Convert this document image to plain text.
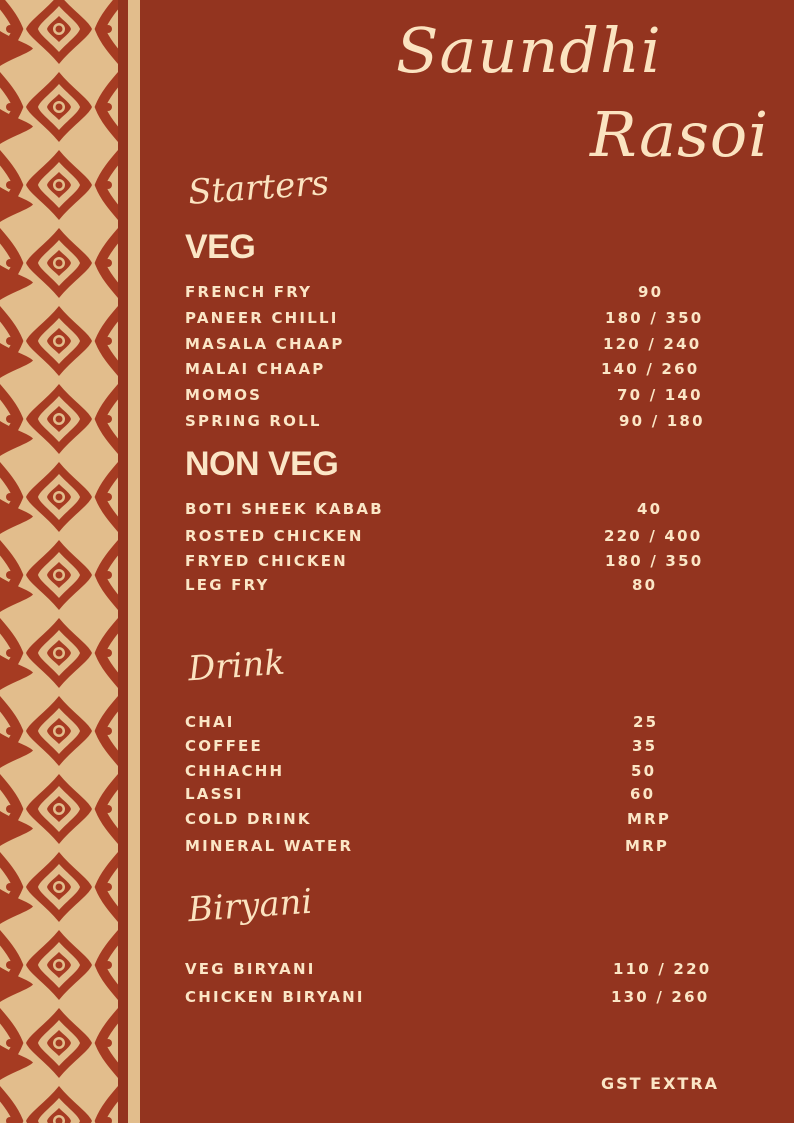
Saundhi
Rasoi
Starters
VEG
FRENCH FRY	90
PANEER CHILLI	180 / 350
MASALA CHAAP	120 / 240
MALAI CHAAP	140 / 260
MOMOS	70 / 140
SPRING ROLL	90 / 180
NON VEG
BOTI SHEEK KABAB	40
ROSTED CHICKEN	220 / 400
FRYED CHICKEN	180 / 350
LEG FRY	80
Drink
CHAI	25
COFFEE	35
CHHACHH	50
LASSI	60
COLD DRINK	MRP
MINERAL WATER	MRP
Biryani
VEG BIRYANI	110 / 220
CHICKEN BIRYANI	130 / 260
GST EXTRA
